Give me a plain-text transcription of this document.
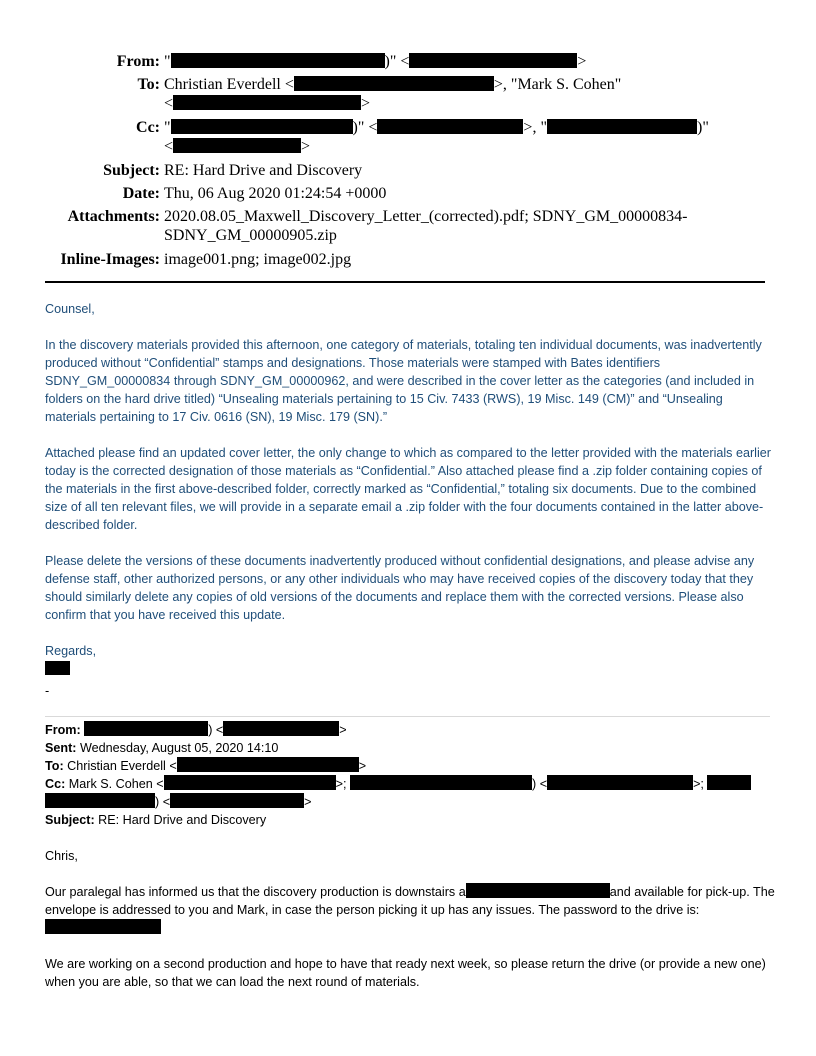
From: "	)" <	>
To: Christian Everdell <	>, "Mark S. Cohen"
<	>
Cc: "	)" <	>, "	)"
<	>
Subject: RE: Hard Drive and Discovery
Date: Thu, 06 Aug 2020 01:24:54 +0000
Attachments: 2020.08.05_Maxwell_Discovery_Letter_(corrected).pdf; SDNY_GM_00000834-SDNY_GM_00000905.zip
Inline-Images: image001.png; image002.jpg

Counsel,

In the discovery materials provided this afternoon, one category of materials, totaling ten individual documents, was inadvertently produced without “Confidential” stamps and designations. Those materials were stamped with Bates identifiers SDNY_GM_00000834 through SDNY_GM_00000962, and were described in the cover letter as the categories (and included in folders on the hard drive titled) “Unsealing materials pertaining to 15 Civ. 7433 (RWS), 19 Misc. 149 (CM)” and “Unsealing materials pertaining to 17 Civ. 0616 (SN), 19 Misc. 179 (SN).”

Attached please find an updated cover letter, the only change to which as compared to the letter provided with the materials earlier today is the corrected designation of those materials as “Confidential.” Also attached please find a .zip folder containing copies of the materials in the first above-described folder, correctly marked as “Confidential,” totaling six documents. Due to the combined size of all ten relevant files, we will provide in a separate email a .zip folder with the four documents contained in the latter above-described folder.

Please delete the versions of these documents inadvertently produced without confidential designations, and please advise any defense staff, other authorized persons, or any other individuals who may have received copies of the discovery today that they should similarly delete any copies of old versions of the documents and replace them with the corrected versions. Please also confirm that you have received this update.

Regards,

-
From:	) <	>
Sent: Wednesday, August 05, 2020 14:10
To: Christian Everdell <	>
Cc: Mark S. Cohen <	>;	) <	>;
) <	>
Subject: RE: Hard Drive and Discovery

Chris,

Our paralegal has informed us that the discovery production is downstairs a	and available for pick-up. The envelope is addressed to you and Mark, in case the person picking it up has any issues. The password to the drive is:

We are working on a second production and hope to have that ready next week, so please return the drive (or provide a new one) when you are able, so that we can load the next round of materials.
